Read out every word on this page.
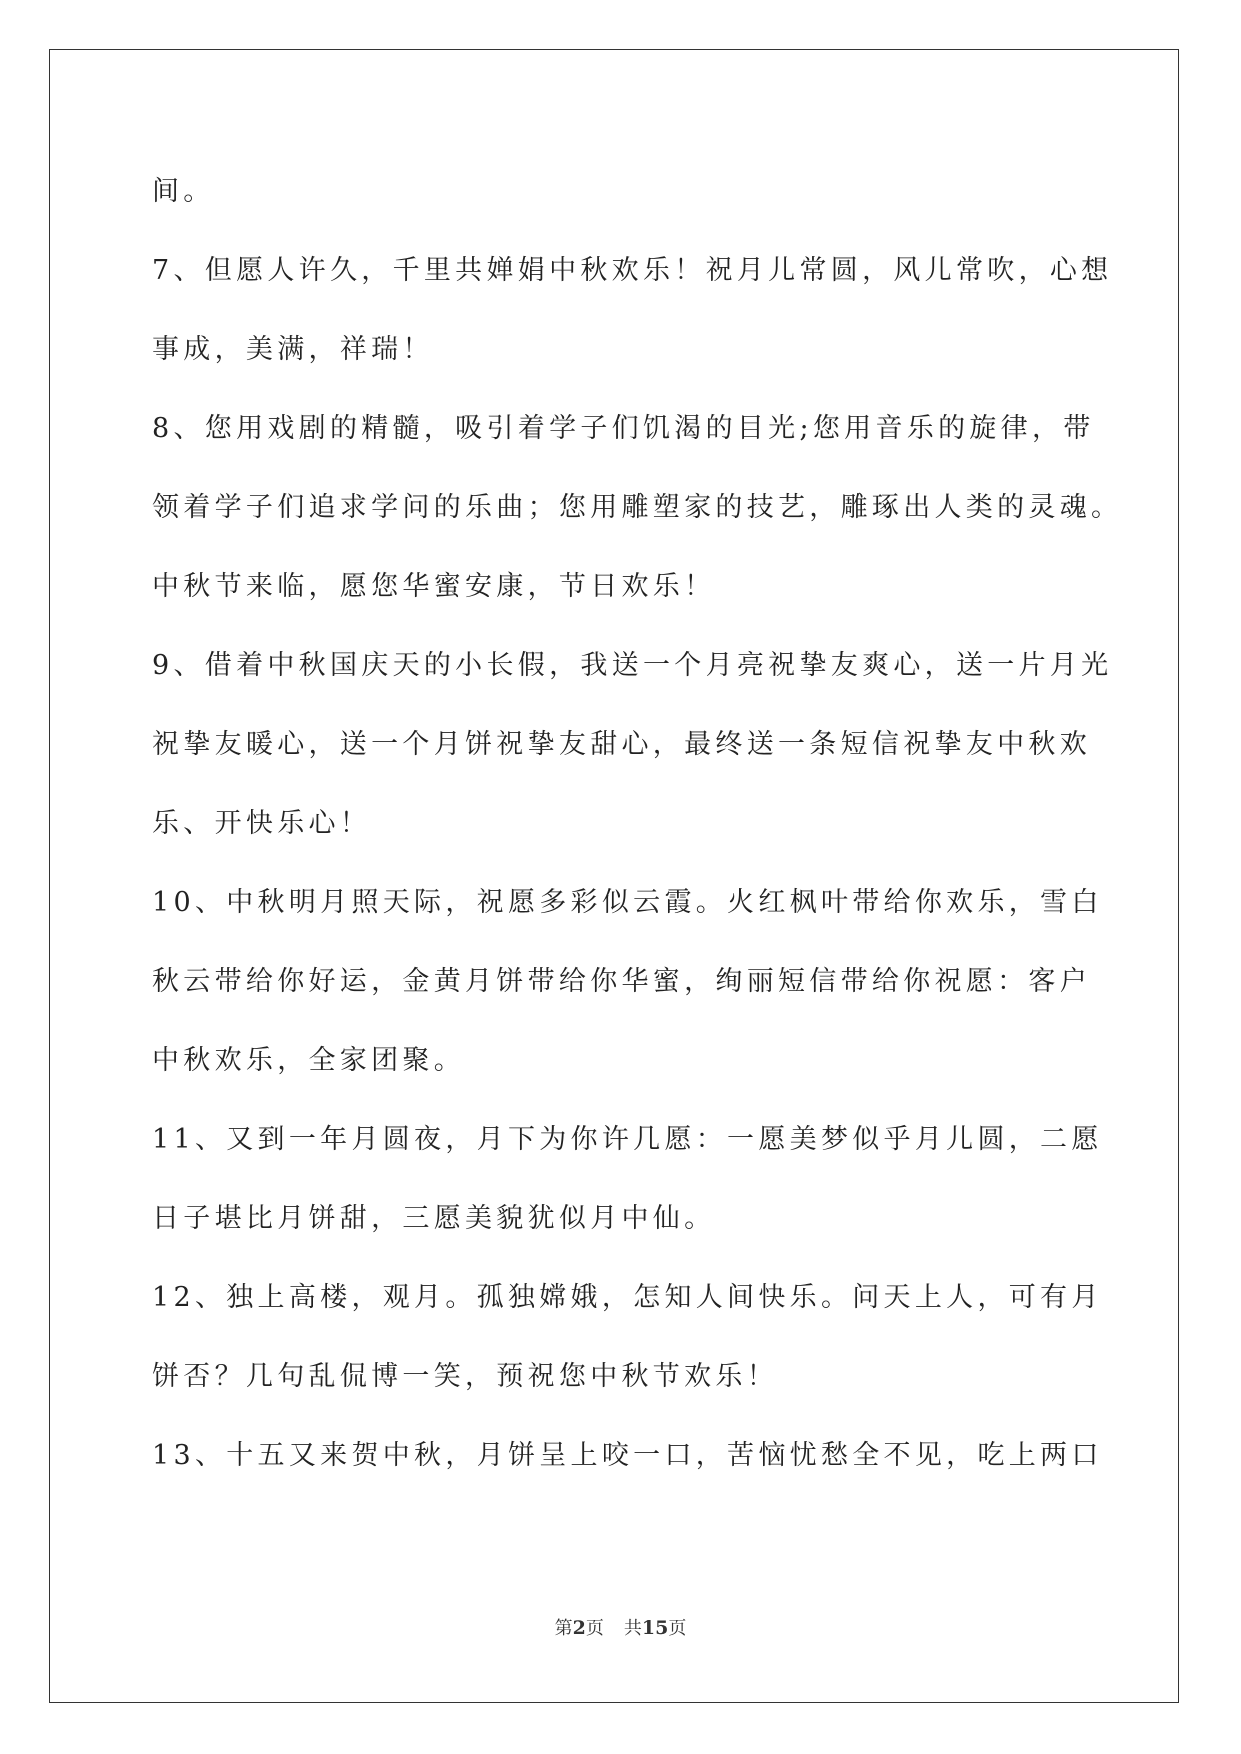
间。
7、但愿人许久，千里共婵娟中秋欢乐！祝月儿常圆，风儿常吹，心想
事成，美满，祥瑞！
8、您用戏剧的精髓，吸引着学子们饥渴的目光;您用音乐的旋律，带
领着学子们追求学问的乐曲；您用雕塑家的技艺，雕琢出人类的灵魂。
中秋节来临，愿您华蜜安康，节日欢乐！
9、借着中秋国庆天的小长假，我送一个月亮祝挚友爽心，送一片月光
祝挚友暖心，送一个月饼祝挚友甜心，最终送一条短信祝挚友中秋欢
乐、开快乐心！
10、中秋明月照天际，祝愿多彩似云霞。火红枫叶带给你欢乐，雪白
秋云带给你好运，金黄月饼带给你华蜜，绚丽短信带给你祝愿：客户
中秋欢乐，全家团聚。
11、又到一年月圆夜，月下为你许几愿：一愿美梦似乎月儿圆，二愿
日子堪比月饼甜，三愿美貌犹似月中仙。
12、独上高楼，观月。孤独嫦娥，怎知人间快乐。问天上人，可有月
饼否？几句乱侃博一笑，预祝您中秋节欢乐！
13、十五又来贺中秋，月饼呈上咬一口，苦恼忧愁全不见，吃上两口
第2页 共15页
